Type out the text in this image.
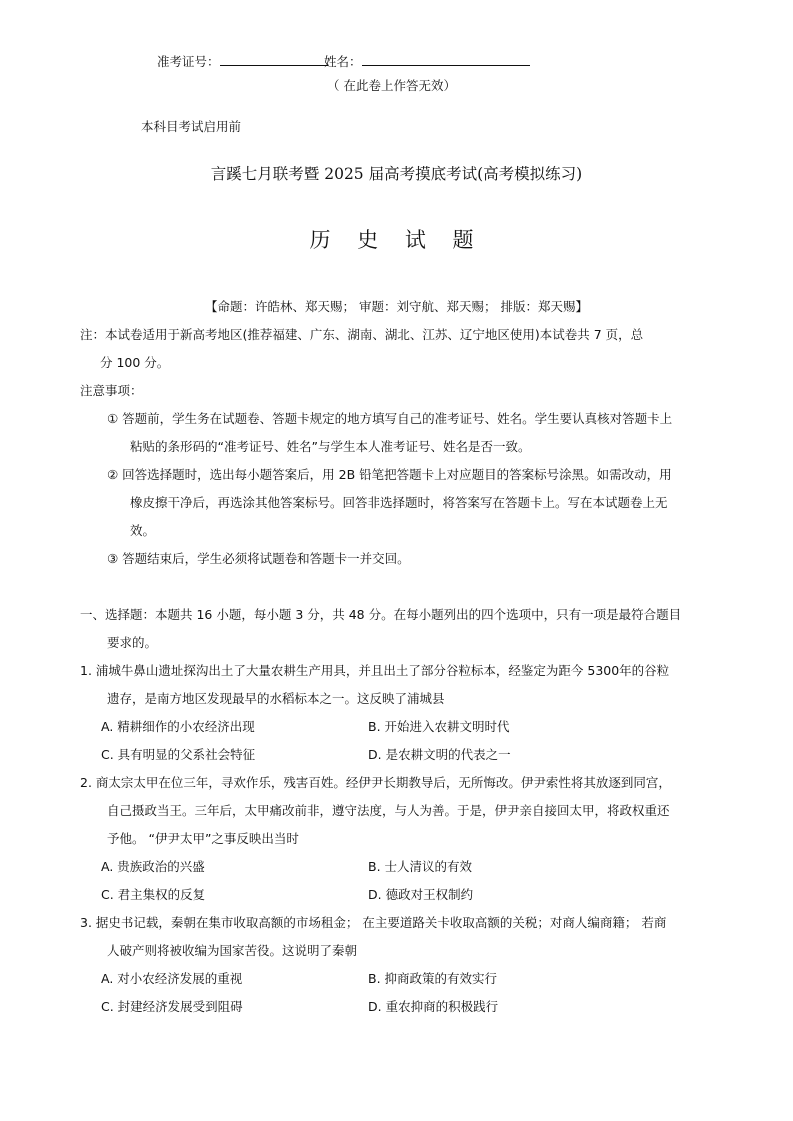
准考证号：	姓名：
（ 在此卷上作答无效）
本科目考试启用前
言蹊七月联考暨 2025 届高考摸底考试(高考模拟练习)
历 史 试 题
【命题：许皓林、郑天赐； 审题：刘守航、郑天赐； 排版：郑天赐】
注：本试卷适用于新高考地区(推荐福建、广东、湖南、湖北、江苏、辽宁地区使用)本试卷共 7 页，总
分 100 分。
注意事项：
① 答题前，学生务在试题卷、答题卡规定的地方填写自己的准考证号、姓名。学生要认真核对答题卡上
粘贴的条形码的“准考证号、姓名”与学生本人准考证号、姓名是否一致。
② 回答选择题时，选出每小题答案后，用 2B 铅笔把答题卡上对应题目的答案标号涂黑。如需改动，用
橡皮擦干净后，再选涂其他答案标号。回答非选择题时，将答案写在答题卡上。写在本试题卷上无
效。
③ 答题结束后，学生必须将试题卷和答题卡一并交回。
一、选择题：本题共 16 小题，每小题 3 分，共 48 分。在每小题列出的四个选项中，只有一项是最符合题目
要求的。
1. 浦城牛鼻山遗址探沟出土了大量农耕生产用具，并且出土了部分谷粒标本，经鉴定为距今 5300年的谷粒
遗存，是南方地区发现最早的水稻标本之一。这反映了浦城县
A. 精耕细作的小农经济出现	B. 开始进入农耕文明时代
C. 具有明显的父系社会特征	D. 是农耕文明的代表之一
2. 商太宗太甲在位三年，寻欢作乐，残害百姓。经伊尹长期教导后，无所悔改。伊尹索性将其放逐到同宫，
自己摄政当王。三年后，太甲痛改前非，遵守法度，与人为善。于是，伊尹亲自接回太甲，将政权重还
予他。 “伊尹太甲”之事反映出当时
A. 贵族政治的兴盛	B. 士人清议的有效
C. 君主集权的反复	D. 德政对王权制约
3. 据史书记载，秦朝在集市收取高额的市场租金； 在主要道路关卡收取高额的关税；对商人编商籍； 若商
人破产则将被收编为国家苦役。这说明了秦朝
A. 对小农经济发展的重视	B. 抑商政策的有效实行
C. 封建经济发展受到阻碍	D. 重农抑商的积极践行
